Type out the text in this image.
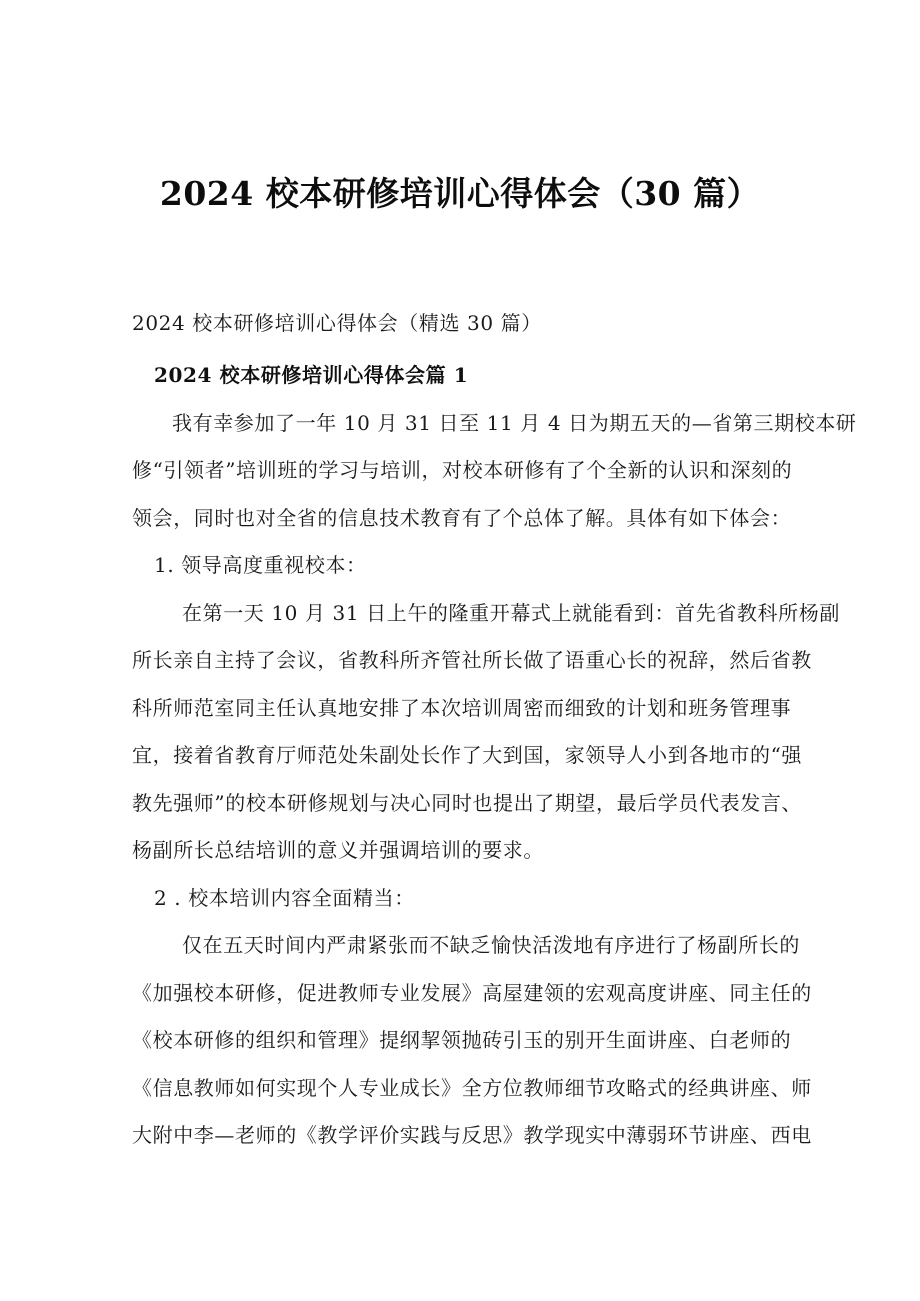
2024 校本研修培训心得体会（30 篇）
2024 校本研修培训心得体会（精选 30 篇）
2024 校本研修培训心得体会篇 1
我有幸参加了一年 10 月 31 日至 11 月 4 日为期五天的—省第三期校本研
修“引领者”培训班的学习与培训，对校本研修有了个全新的认识和深刻的
领会，同时也对全省的信息技术教育有了个总体了解。具体有如下体会：
1. 领导高度重视校本：
在第一天 10 月 31 日上午的隆重开幕式上就能看到：首先省教科所杨副
所长亲自主持了会议，省教科所齐管社所长做了语重心长的祝辞，然后省教
科所师范室同主任认真地安排了本次培训周密而细致的计划和班务管理事
宜，接着省教育厅师范处朱副处长作了大到国，家领导人小到各地市的“强
教先强师”的校本研修规划与决心同时也提出了期望，最后学员代表发言、
杨副所长总结培训的意义并强调培训的要求。
2 . 校本培训内容全面精当：
仅在五天时间内严肃紧张而不缺乏愉快活泼地有序进行了杨副所长的
《加强校本研修，促进教师专业发展》高屋建领的宏观高度讲座、同主任的
《校本研修的组织和管理》提纲挈领抛砖引玉的别开生面讲座、白老师的
《信息教师如何实现个人专业成长》全方位教师细节攻略式的经典讲座、师
大附中李—老师的《教学评价实践与反思》教学现实中薄弱环节讲座、西电
